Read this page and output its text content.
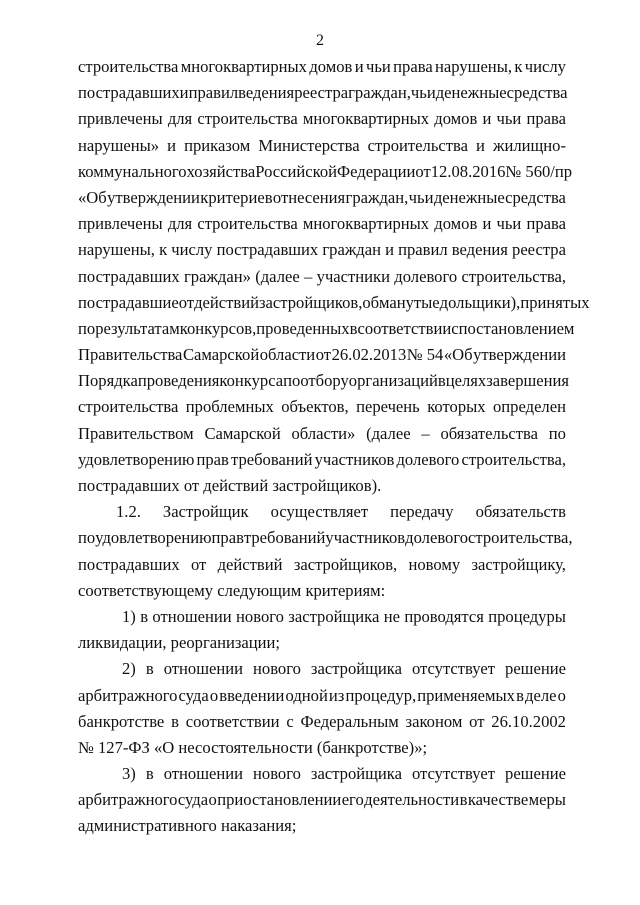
2
строительства многоквартирных домов и чьи права нарушены, к числу
пострадавших и правил ведения реестра граждан, чьи денежные средства
привлечены для строительства многоквартирных домов и чьи права
нарушены» и приказом Министерства строительства и жилищно-
коммунального хозяйства Российской Федерации от 12.08.2016 № 560/пр
«Об утверждении критериев отнесения граждан, чьи денежные средства
привлечены для строительства многоквартирных домов и чьи права
нарушены, к числу пострадавших граждан и правил ведения реестра
пострадавших граждан» (далее – участники долевого строительства,
пострадавшие от действий застройщиков, обманутые дольщики), принятых
по результатам конкурсов, проведенных в соответствии с постановлением
Правительства Самарской области от 26.02.2013 № 54 «Об утверждении
Порядка проведения конкурса по отбору организаций в целях завершения
строительства проблемных объектов, перечень которых определен
Правительством Самарской области» (далее – обязательства по
удовлетворению прав требований участников долевого строительства,
пострадавших от действий застройщиков).
1.2. Застройщик осуществляет передачу обязательств
по удовлетворению прав требований участников долевого строительства,
пострадавших от действий застройщиков, новому застройщику,
соответствующему следующим критериям:
1) в отношении нового застройщика не проводятся процедуры
ликвидации, реорганизации;
2) в отношении нового застройщика отсутствует решение
арбитражного суда о введении одной из процедур, применяемых в деле о
банкротстве в соответствии с Федеральным законом от 26.10.2002
№ 127-ФЗ «О несостоятельности (банкротстве)»;
3) в отношении нового застройщика отсутствует решение
арбитражного суда о приостановлении его деятельности в качестве меры
административного наказания;
